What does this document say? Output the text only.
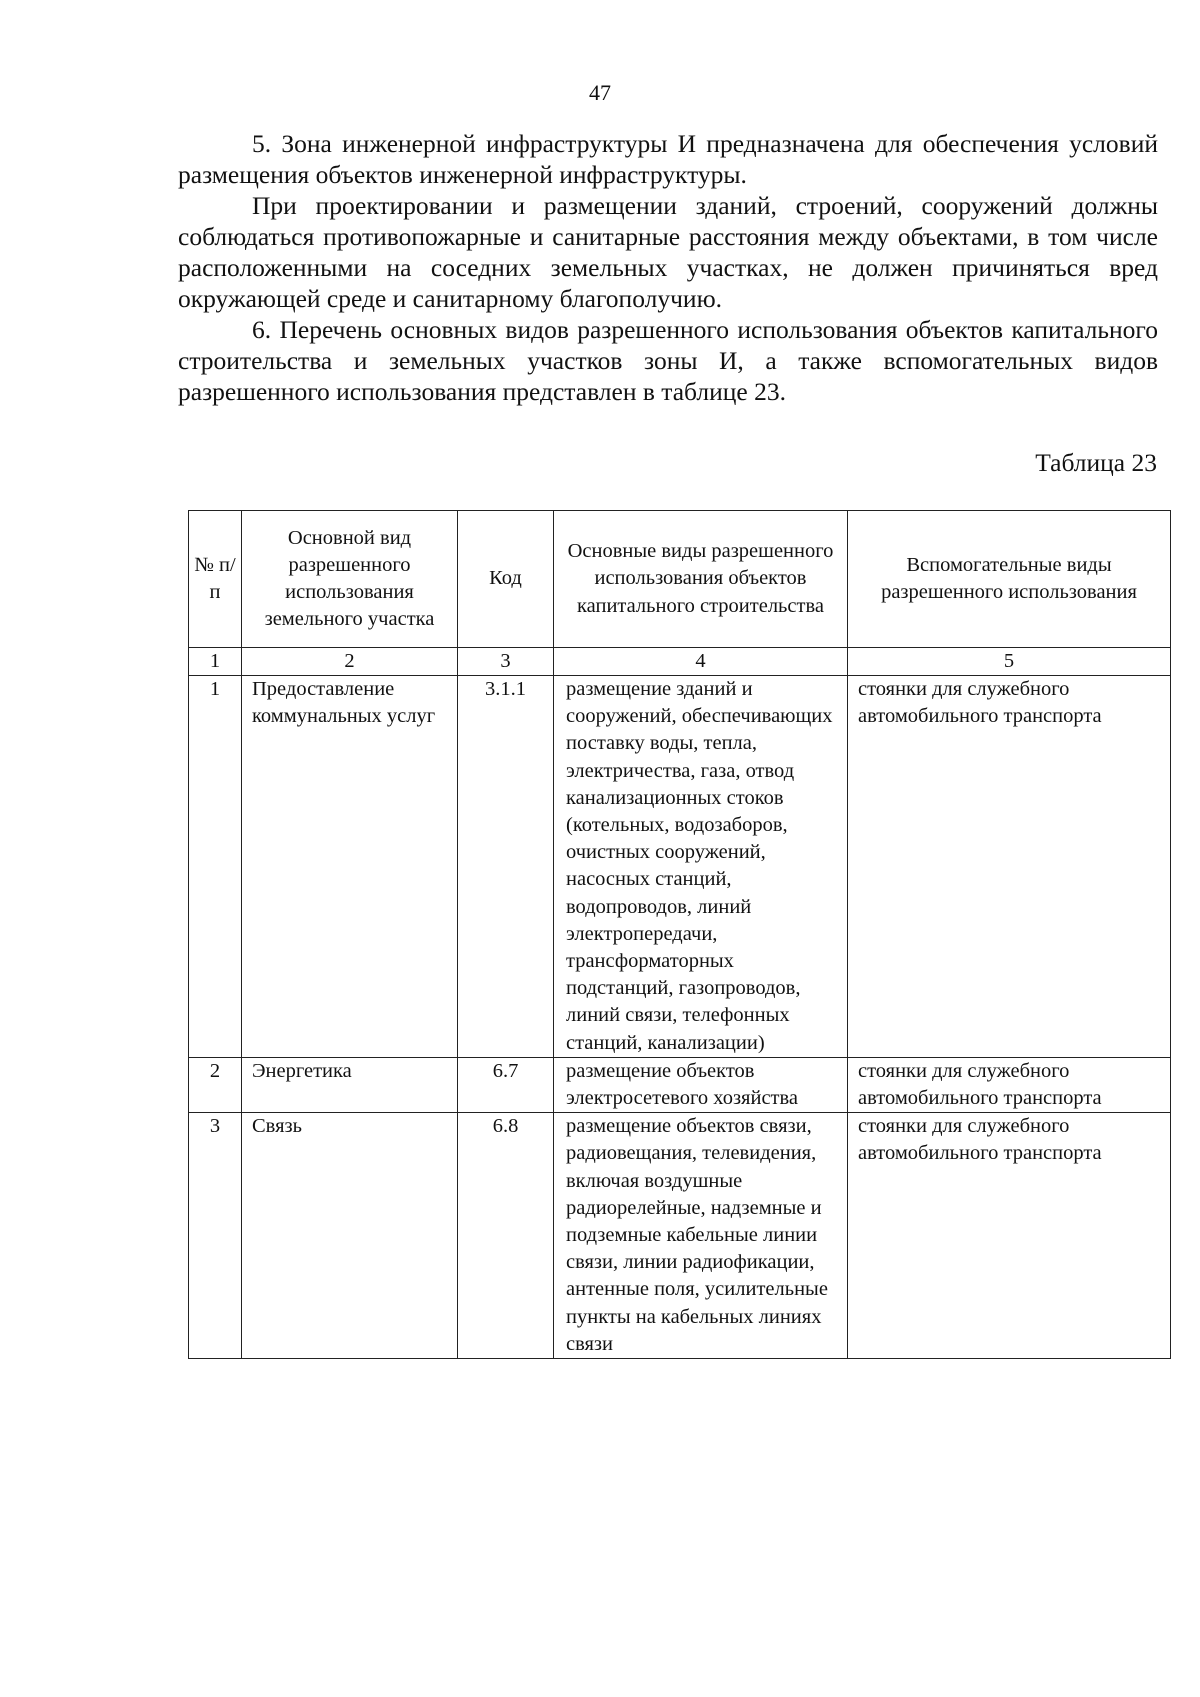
47

5. Зона инженерной инфраструктуры И предназначена для обеспечения условий размещения объектов инженерной инфраструктуры.

При проектировании и размещении зданий, строений, сооружений должны соблюдаться противопожарные и санитарные расстояния между объектами, в том числе расположенными на соседних земельных участках, не должен причиняться вред окружающей среде и санитарному благополучию.

6. Перечень основных видов разрешенного использования объектов капитального строительства и земельных участков зоны И, а также вспомогательных видов разрешенного использования представлен в таблице 23.

Таблица 23
№ п/п	Основной вид разрешенного использования земельного участка	Код	Основные виды разрешенного использования объектов капитального строительства	Вспомогательные виды разрешенного использования
1	2	3	4	5
1	Предоставление коммунальных услуг	3.1.1	размещение зданий и сооружений, обеспечивающих поставку воды, тепла, электричества, газа, отвод канализационных стоков (котельных, водозаборов, очистных сооружений, насосных станций, водопроводов, линий электропередачи, трансформаторных подстанций, газопроводов, линий связи, телефонных станций, канализации)	стоянки для служебного автомобильного транспорта
2	Энергетика	6.7	размещение объектов электросетевого хозяйства	стоянки для служебного автомобильного транспорта
3	Связь	6.8	размещение объектов связи, радиовещания, телевидения, включая воздушные радиорелейные, надземные и подземные кабельные линии связи, линии радиофикации, антенные поля, усилительные пункты на кабельных линиях связи	стоянки для служебного автомобильного транспорта
